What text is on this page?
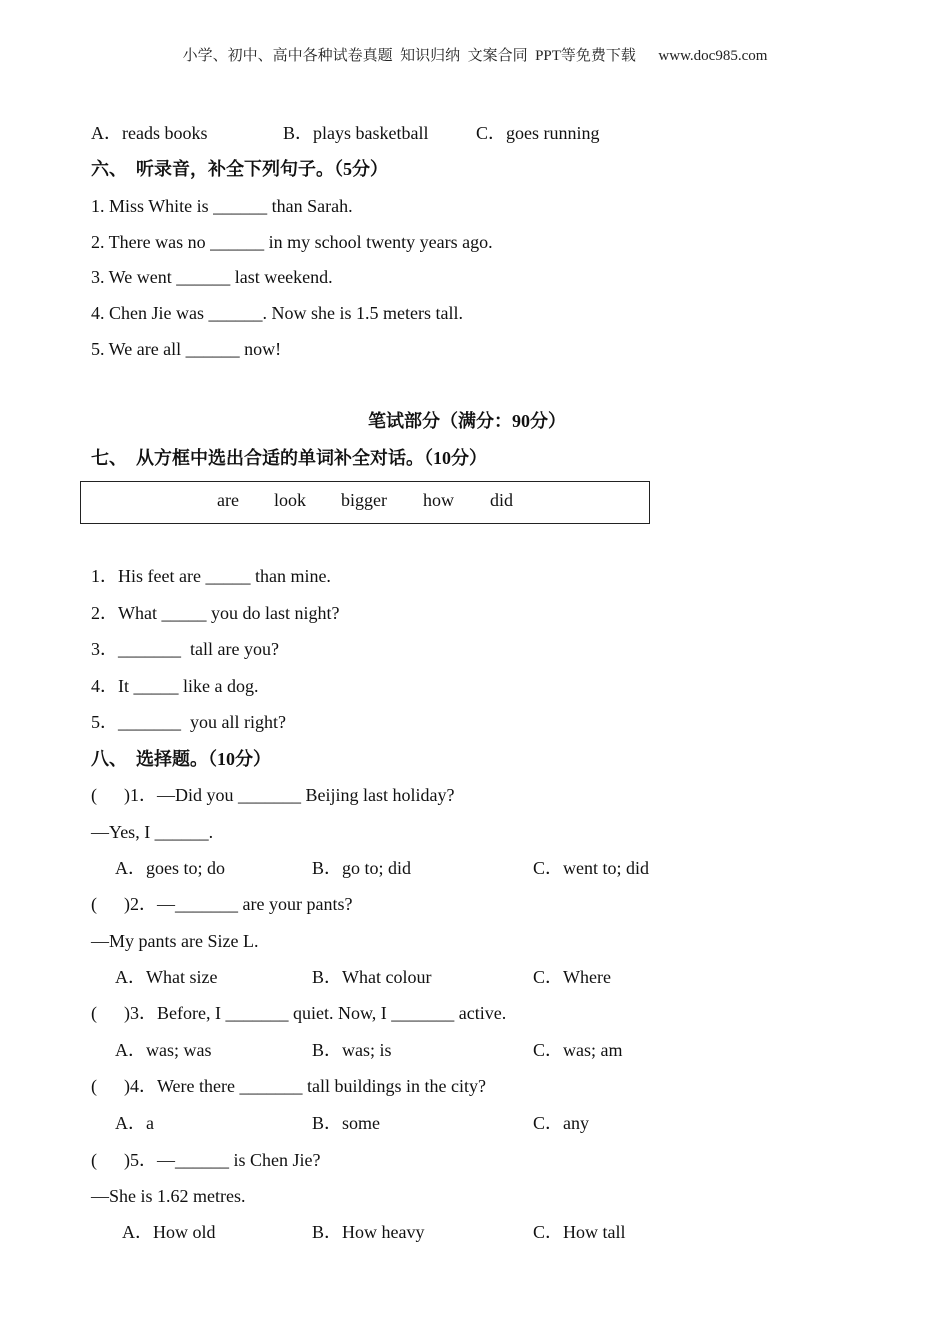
小学、初中、高中各种试卷真题  知识归纳  文案合同  PPT等免费下载      www.doc985.com
A．reads books	B．plays basketball	C．goes running
六、  听录音，补全下列句子。（5分）
1. Miss White is ______ than Sarah.
2. There was no ______ in my school twenty years ago.
3. We went ______ last weekend.
4. Chen Jie was ______. Now she is 1.5 meters tall.
5. We are all ______ now!
笔试部分（满分：90分）
七、  从方框中选出合适的单词补全对话。（10分）
are look bigger how did
1．His feet are _____ than mine.
2．What _____ you do last night?
3．_______  tall are you?
4．It _____ like a dog.
5．_______  you all right?
八、  选择题。（10分）
(      )1．—Did you _______ Beijing last holiday?
—Yes, I ______.
A．goes to; do	B．go to; did	C．went to; did
(      )2．—_______ are your pants?
—My pants are Size L.
A．What size	B．What colour	C．Where
(      )3．Before, I _______ quiet. Now, I _______ active.
A．was; was	B．was; is	C．was; am
(      )4．Were there _______ tall buildings in the city?
A．a	B．some	C．any
(      )5．—______ is Chen Jie?
—She is 1.62 metres.
A．How old	B．How heavy	C．How tall
